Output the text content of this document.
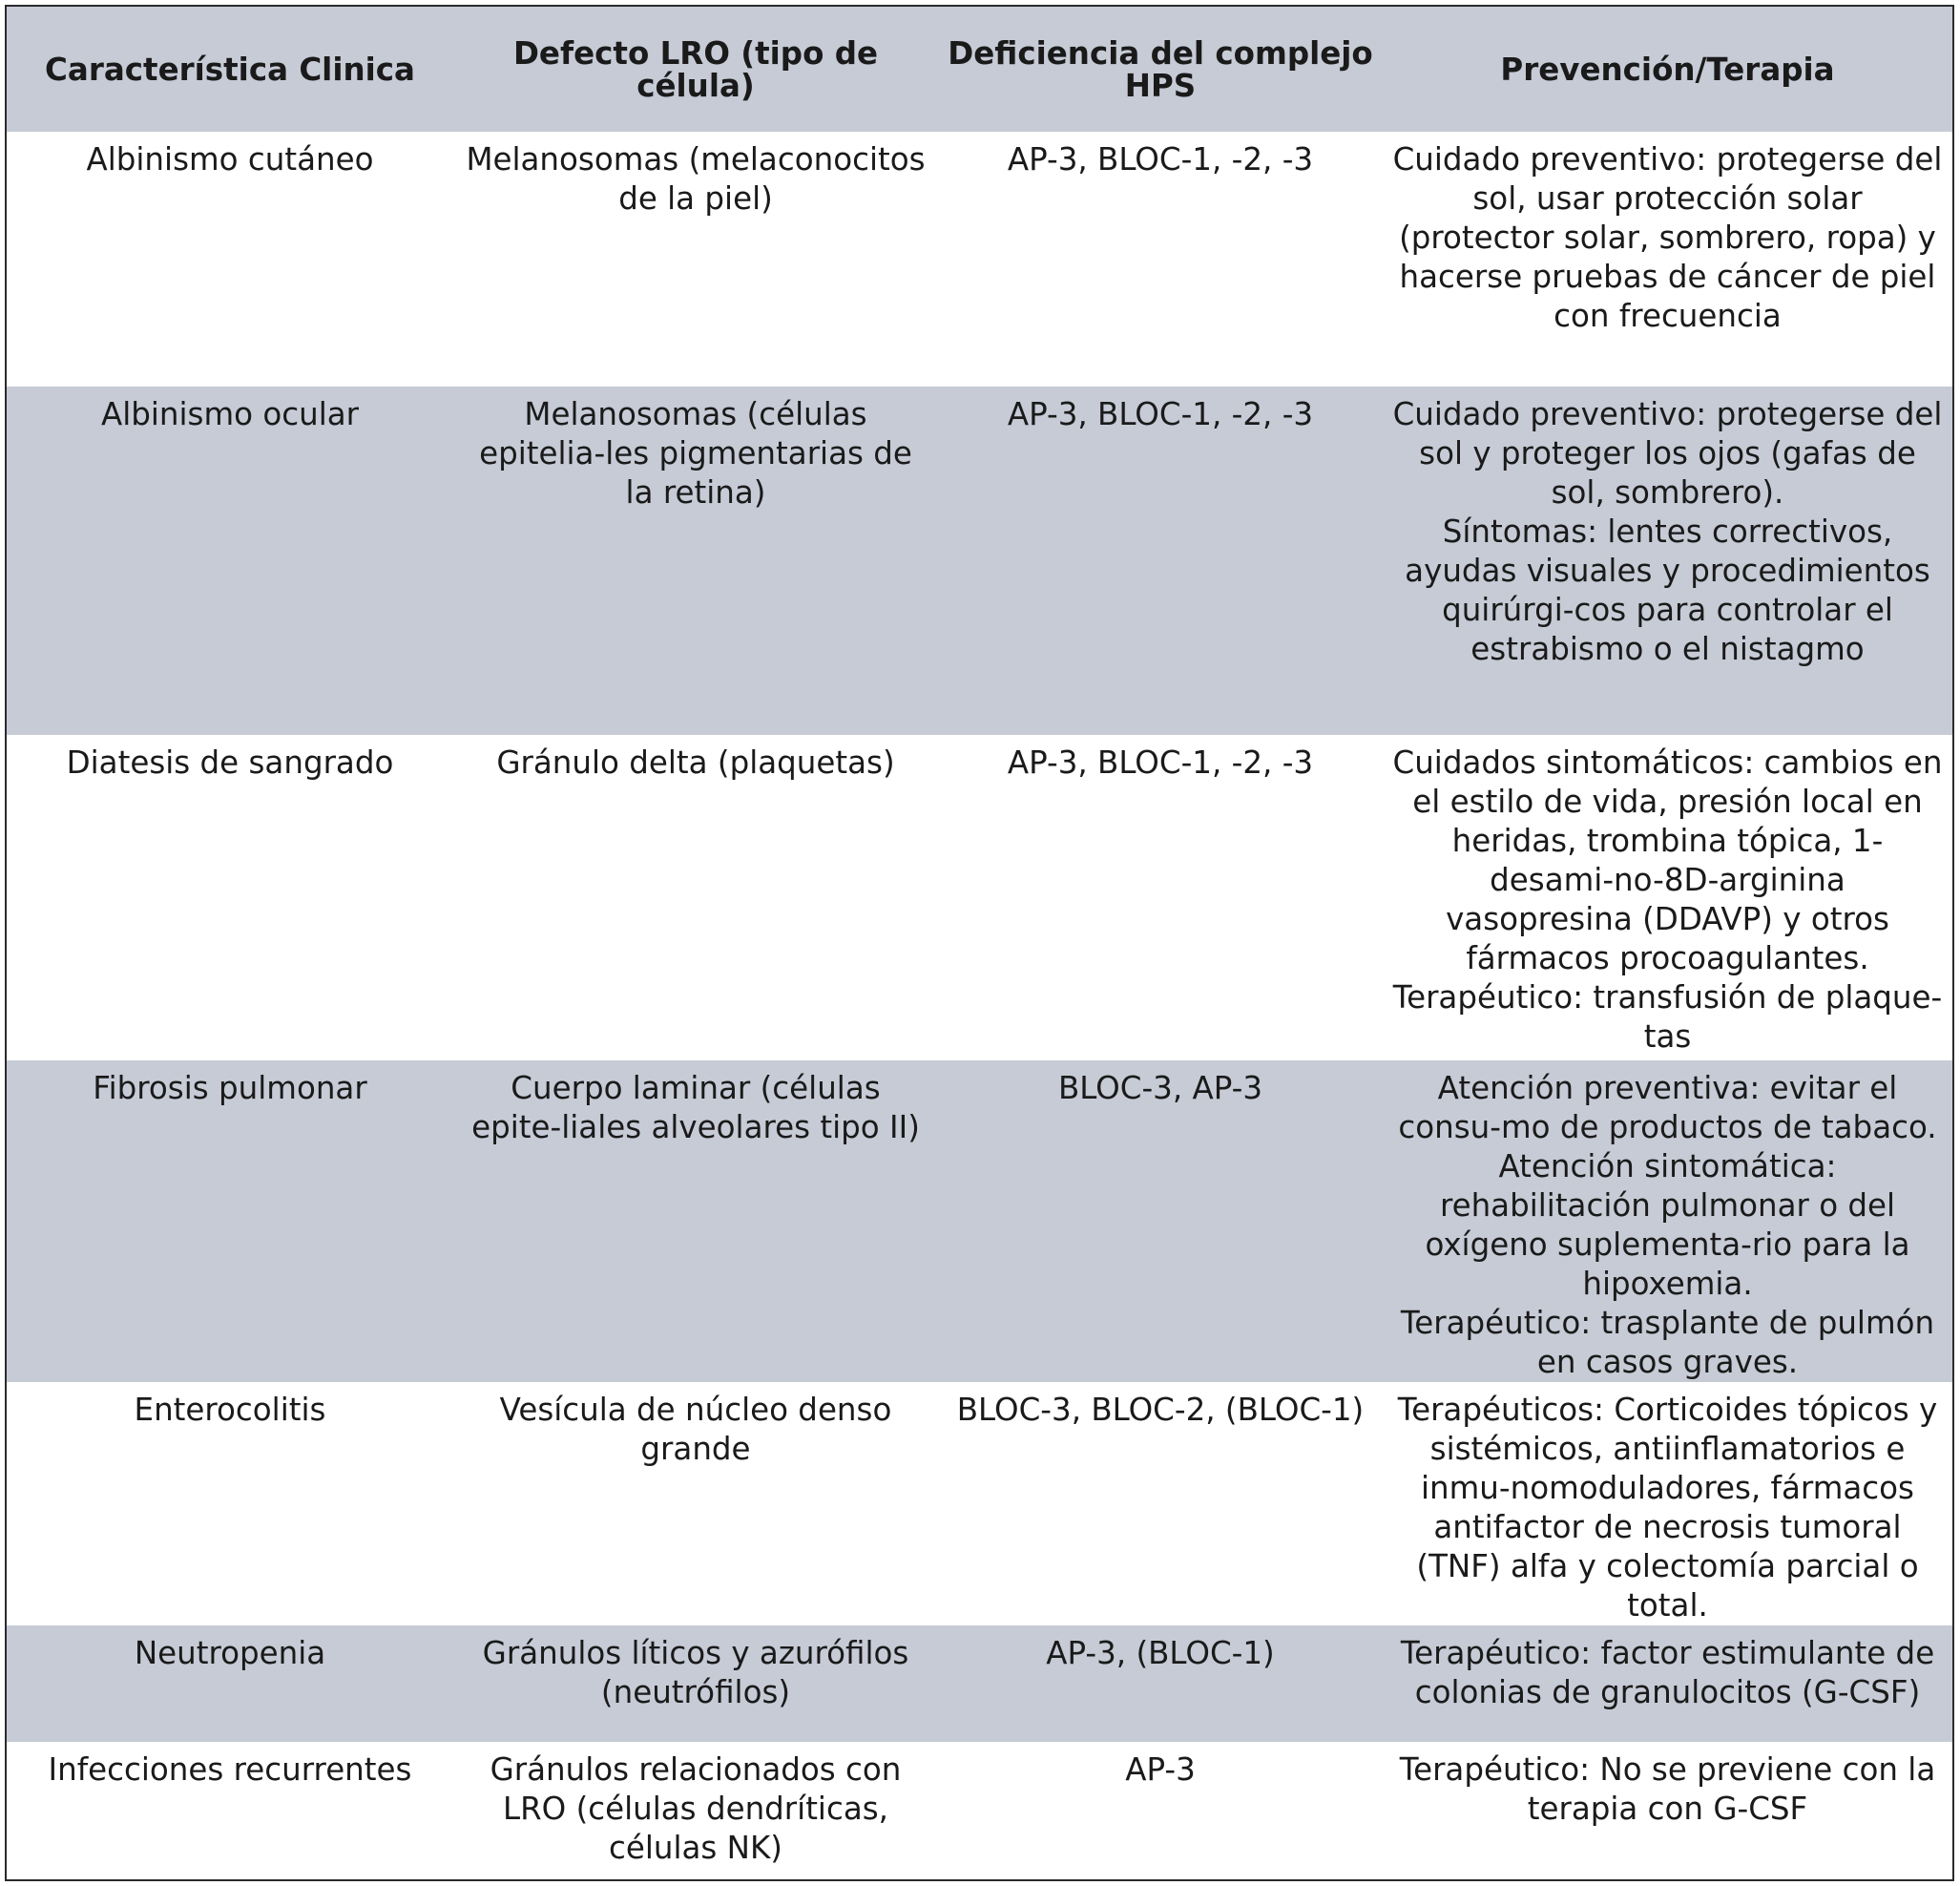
Característica Clinica	Defecto LRO (tipo de célula)	Deficiencia del complejo HPS	Prevención/Terapia
Albinismo cutáneo	Melanosomas (melaconocitos de la piel)	AP-3, BLOC-1, -2, -3	Cuidado preventivo: protegerse del sol, usar protección solar (protector solar, sombrero, ropa) y hacerse pruebas de cáncer de piel con frecuencia

Albinismo ocular	Melanosomas (células epitelia-les pigmentarias de la retina)	AP-3, BLOC-1, -2, -3	Cuidado preventivo: protegerse del sol y proteger los ojos (gafas de sol, sombrero).
Síntomas: lentes correctivos, ayudas visuales y procedimientos quirúrgi-cos para controlar el estrabismo o el nistagmo

Diatesis de sangrado	Gránulo delta (plaquetas)	AP-3, BLOC-1, -2, -3	Cuidados sintomáticos: cambios en el estilo de vida, presión local en heridas, trombina tópica, 1-desami-no-8D-arginina vasopresina (DDAVP) y otros fármacos procoagulantes.
Terapéutico: transfusión de plaque-tas

Fibrosis pulmonar	Cuerpo laminar (células epite-liales alveolares tipo II)	BLOC-3, AP-3	Atención preventiva: evitar el consu-mo de productos de tabaco.
Atención sintomática: rehabilitación pulmonar o del oxígeno suplementa-rio para la hipoxemia.
Terapéutico: trasplante de pulmón en casos graves.

Enterocolitis	Vesícula de núcleo denso grande	BLOC-3, BLOC-2, (BLOC-1)	Terapéuticos: Corticoides tópicos y sistémicos, antiinflamatorios e inmu-nomoduladores, fármacos antifactor de necrosis tumoral (TNF) alfa y colectomía parcial o total.

Neutropenia	Gránulos líticos y azurófilos (neutrófilos)	AP-3, (BLOC-1)	Terapéutico: factor estimulante de colonias de granulocitos (G-CSF)

Infecciones recurrentes	Gránulos relacionados con LRO (células dendríticas, células NK)	AP-3	Terapéutico: No se previene con la terapia con G-CSF
